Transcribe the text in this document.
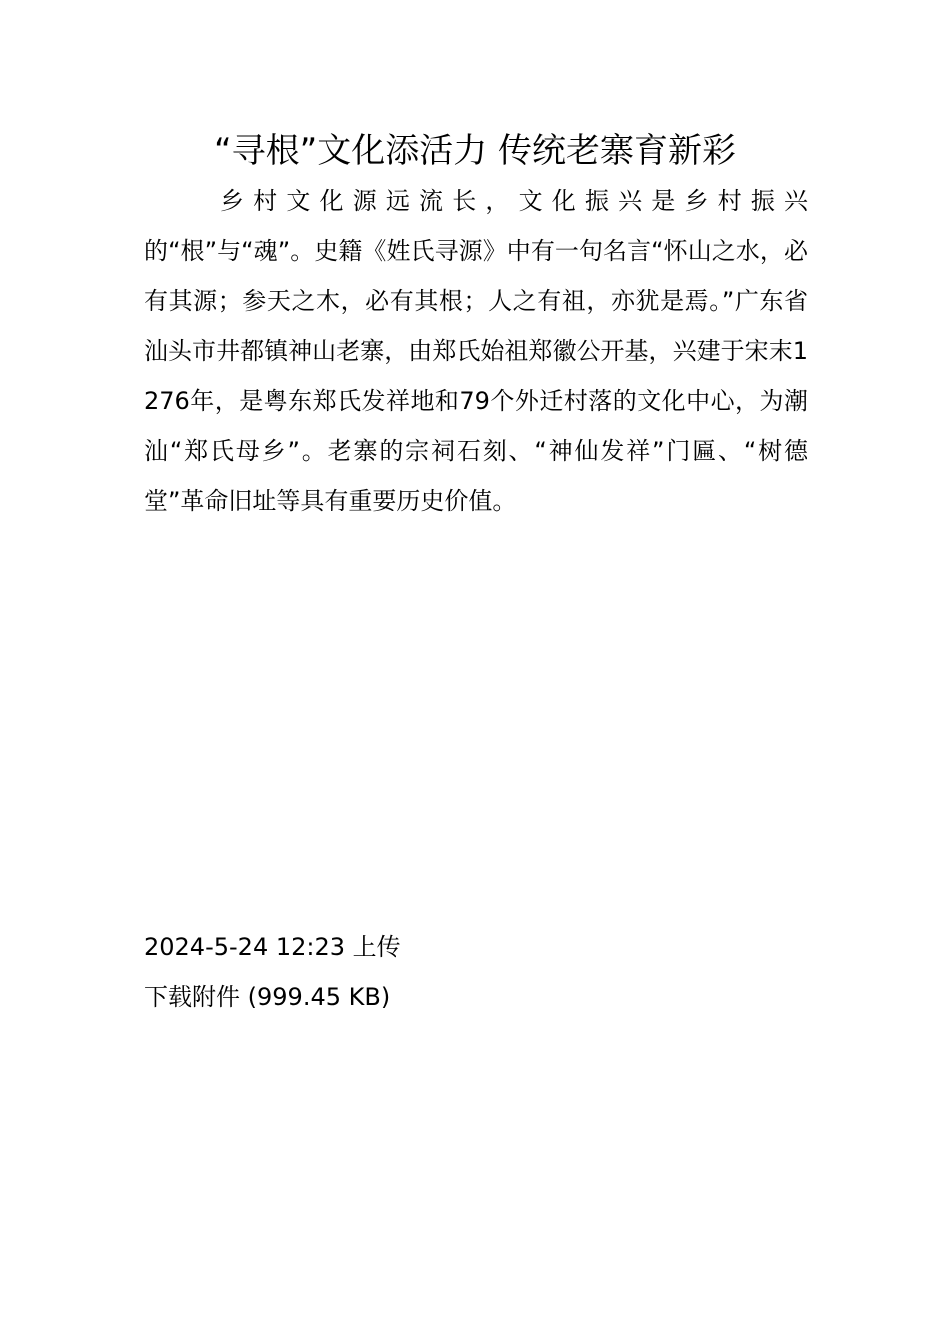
“寻根”文化添活力 传统老寨育新彩

乡村文化源远流长，文化振兴是乡村振兴的“根”与“魂”。史籍《姓氏寻源》中有一句名言“怀山之水，必有其源；参天之木，必有其根；人之有祖，亦犹是焉。”广东省汕头市井都镇神山老寨，由郑氏始祖郑徽公开基，兴建于宋末1276年，是粤东郑氏发祥地和79个外迁村落的文化中心，为潮汕“郑氏母乡”。老寨的宗祠石刻、“神仙发祥”门匾、“树德堂”革命旧址等具有重要历史价值。

2024-5-24 12:23 上传
下载附件 (999.45 KB)
